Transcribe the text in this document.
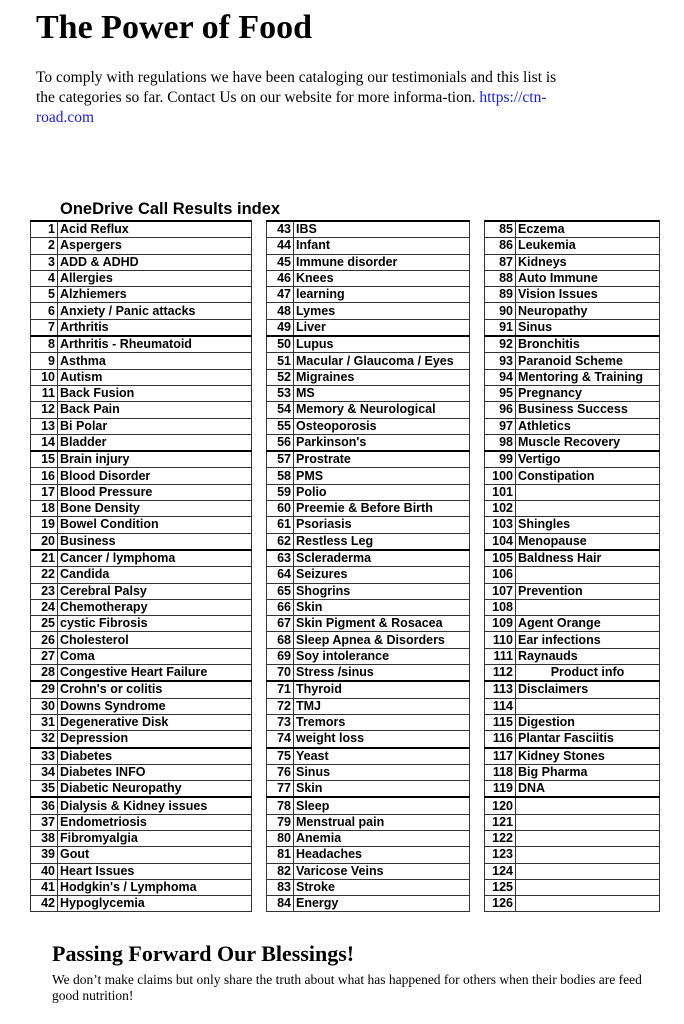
The Power of Food

To comply with regulations we have been cataloging our testimonials and this list is the categories so far. Contact Us on our website for more informa-tion. https://ctn-road.com

OneDrive Call Results index
1	Acid Reflux
2	Aspergers
3	ADD & ADHD
4	Allergies
5	Alzhiemers
6	Anxiety / Panic attacks
7	Arthritis
8	Arthritis - Rheumatoid
9	Asthma
10	Autism
11	Back Fusion
12	Back Pain
13	Bi Polar
14	Bladder
15	Brain injury
16	Blood Disorder
17	Blood Pressure
18	Bone Density
19	Bowel Condition
20	Business
21	Cancer / lymphoma
22	Candida
23	Cerebral Palsy
24	Chemotherapy
25	cystic Fibrosis
26	Cholesterol
27	Coma
28	Congestive Heart Failure
29	Crohn's or colitis
30	Downs Syndrome
31	Degenerative Disk
32	Depression
33	Diabetes
34	Diabetes INFO
35	Diabetic Neuropathy
36	Dialysis & Kidney issues
37	Endometriosis
38	Fibromyalgia
39	Gout
40	Heart Issues
41	Hodgkin's / Lymphoma
42	Hypoglycemia
43	IBS
44	Infant
45	Immune disorder
46	Knees
47	learning
48	Lymes
49	Liver
50	Lupus
51	Macular / Glaucoma / Eyes
52	Migraines
53	MS
54	Memory & Neurological
55	Osteoporosis
56	Parkinson's
57	Prostrate
58	PMS
59	Polio
60	Preemie & Before Birth
61	Psoriasis
62	Restless Leg
63	Scleraderma
64	Seizures
65	Shogrins
66	Skin
67	Skin Pigment & Rosacea
68	Sleep Apnea & Disorders
69	Soy intolerance
70	Stress /sinus
71	Thyroid
72	TMJ
73	Tremors
74	weight loss
75	Yeast
76	Sinus
77	Skin
78	Sleep
79	Menstrual pain
80	Anemia
81	Headaches
82	Varicose Veins
83	Stroke
84	Energy
85	Eczema
86	Leukemia
87	Kidneys
88	Auto Immune
89	Vision Issues
90	Neuropathy
91	Sinus
92	Bronchitis
93	Paranoid Scheme
94	Mentoring & Training
95	Pregnancy
96	Business Success
97	Athletics
98	Muscle Recovery
99	Vertigo
100	Constipation
101	
102	
103	Shingles
104	Menopause
105	Baldness Hair
106	
107	Prevention
108	
109	Agent Orange
110	Ear infections
111	Raynauds
112	Product info
113	Disclaimers
114	
115	Digestion
116	Plantar Fasciitis
117	Kidney Stones
118	Big Pharma
119	DNA
120	
121	
122	
123	
124	
125	
126	
Passing Forward Our Blessings!

We don’t make claims but only share the truth about what has happened for others when their bodies are feed good nutrition!
